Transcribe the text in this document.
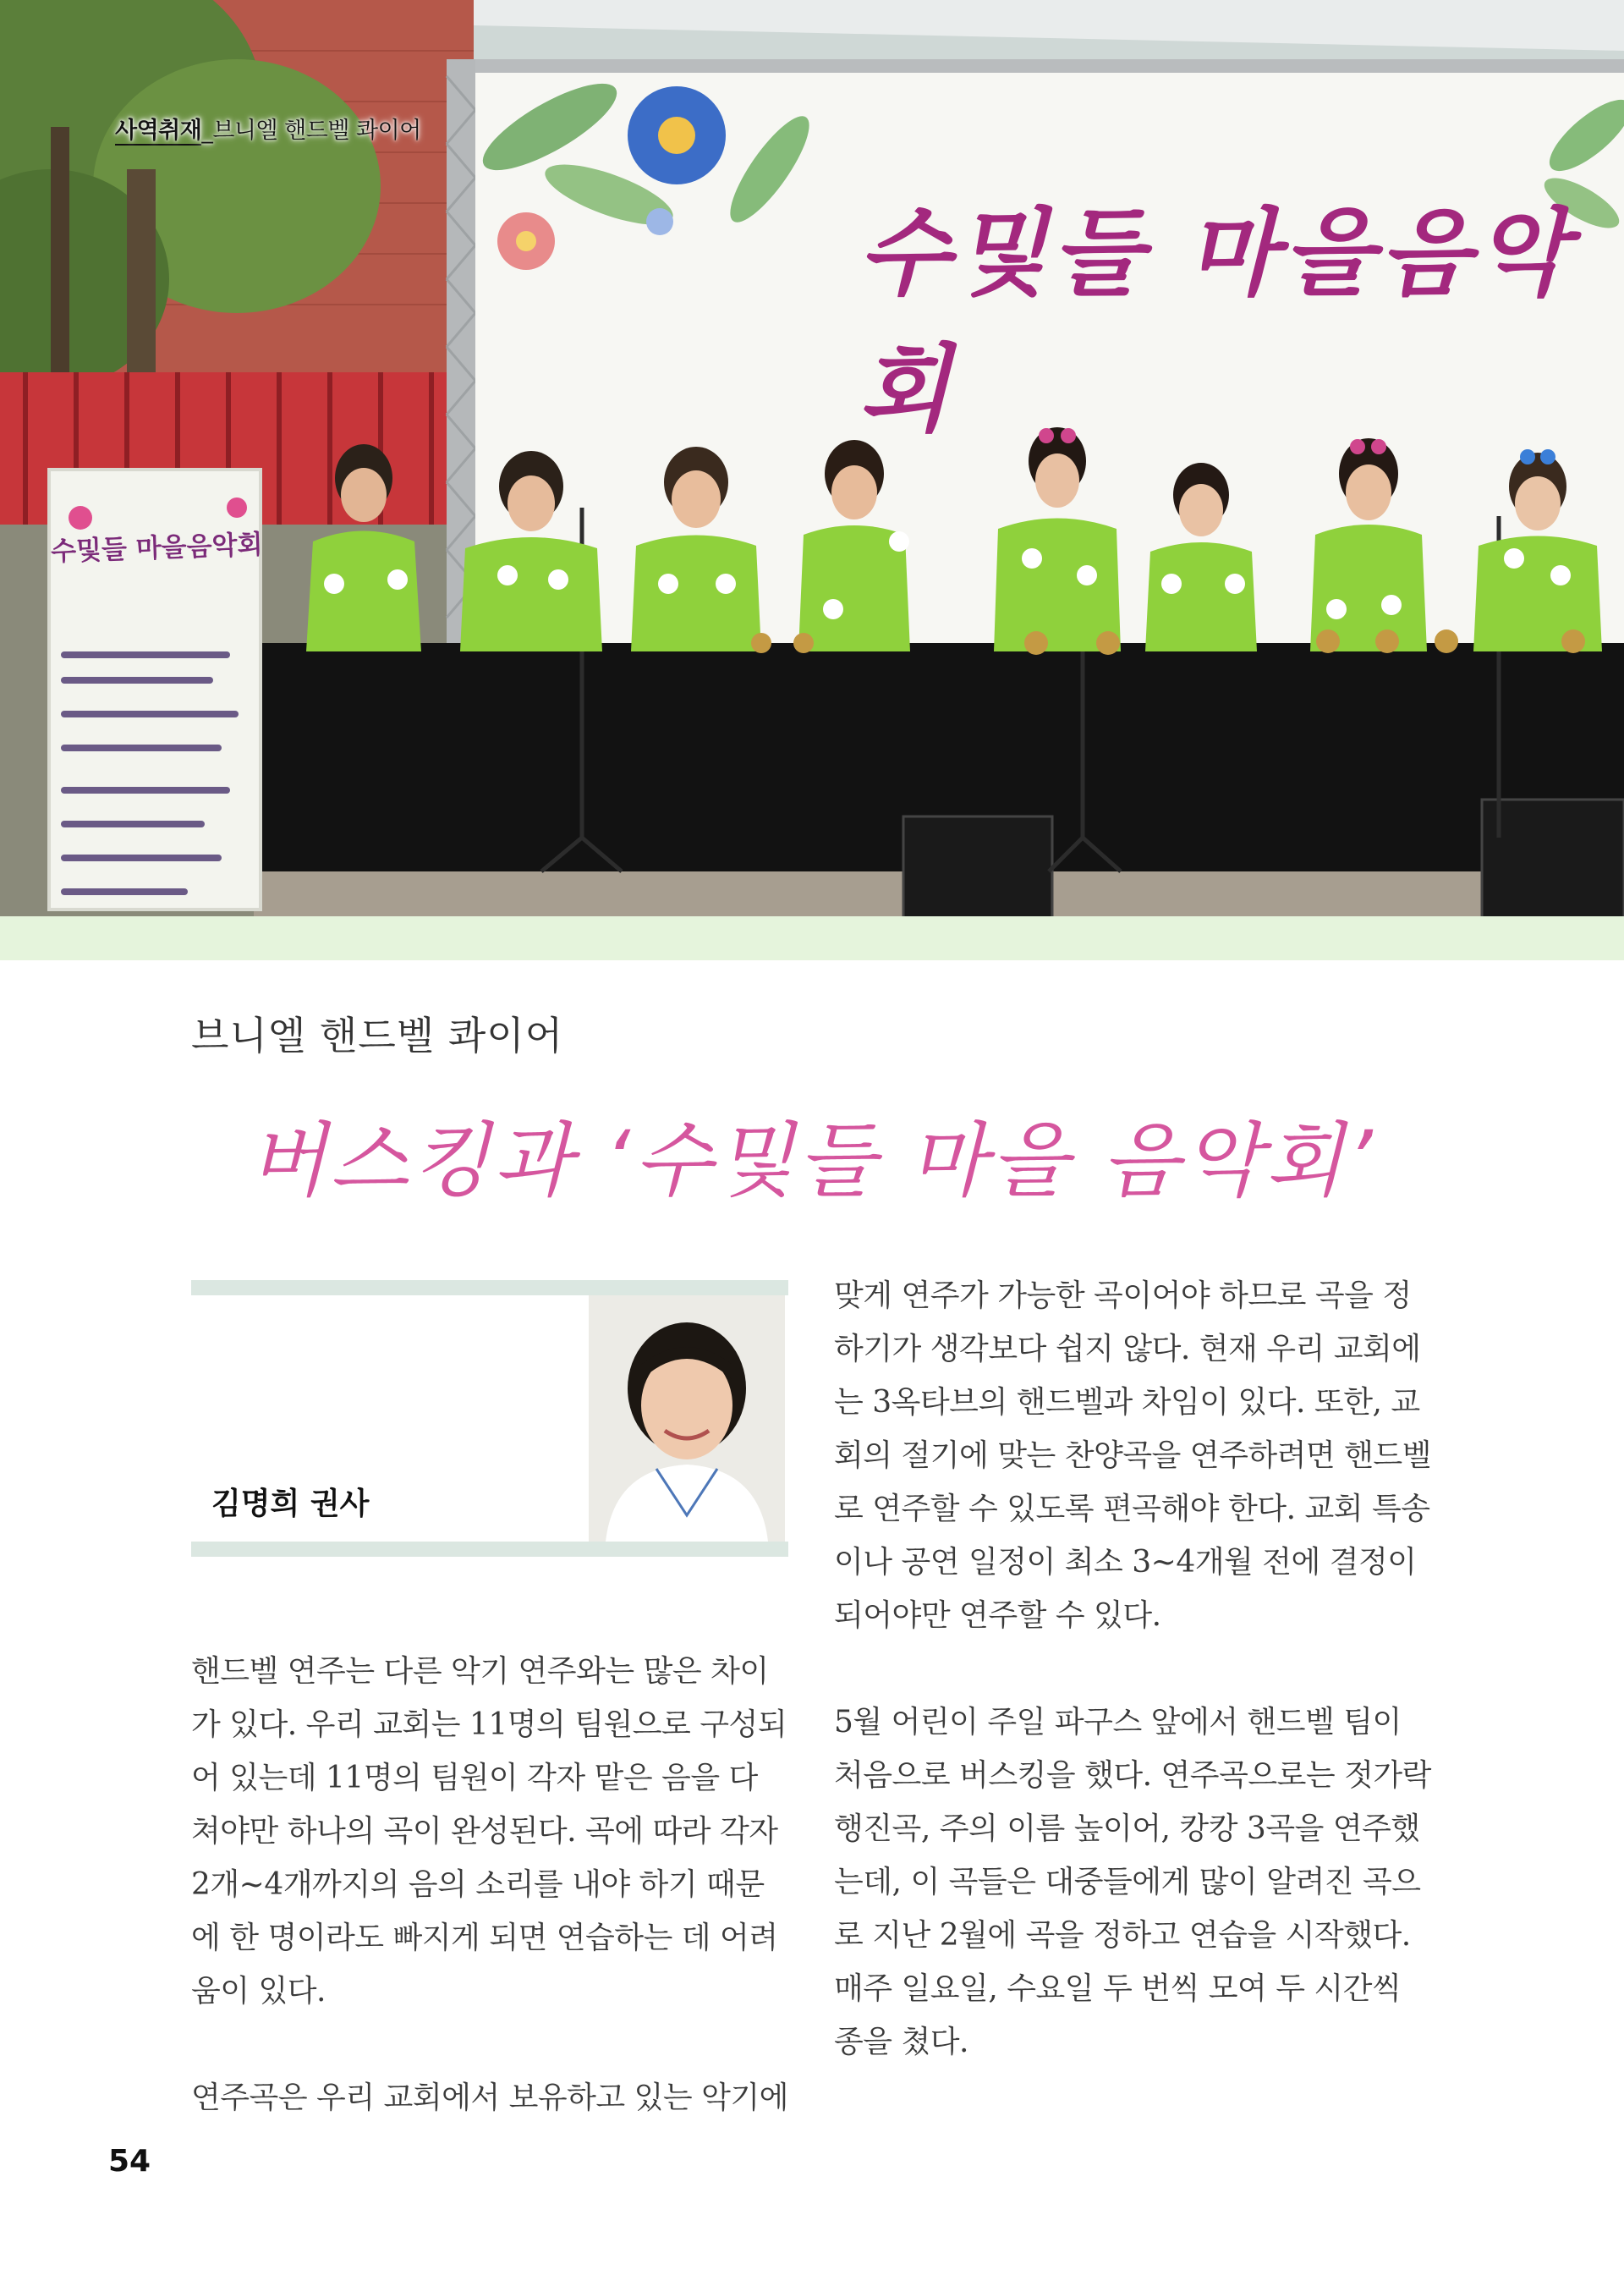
사역취재_브니엘 핸드벨 콰이어
수및들 마을음악회
수및들 마을음악회
브니엘 핸드벨 콰이어
버스킹과 ‘수및들 마을 음악회’
김명희 권사

핸드벨 연주는 다른 악기 연주와는 많은 차이가 있다. 우리 교회는 11명의 팀원으로 구성되어 있는데 11명의 팀원이 각자 맡은 음을 다 쳐야만 하나의 곡이 완성된다. 곡에 따라 각자 2개~4개까지의 음의 소리를 내야 하기 때문에 한 명이라도 빠지게 되면 연습하는 데 어려움이 있다.

연주곡은 우리 교회에서 보유하고 있는 악기에

맞게 연주가 가능한 곡이어야 하므로 곡을 정하기가 생각보다 쉽지 않다. 현재 우리 교회에는 3옥타브의 핸드벨과 차임이 있다. 또한, 교회의 절기에 맞는 찬양곡을 연주하려면 핸드벨로 연주할 수 있도록 편곡해야 한다. 교회 특송이나 공연 일정이 최소 3~4개월 전에 결정이 되어야만 연주할 수 있다.

5월 어린이 주일 파구스 앞에서 핸드벨 팀이 처음으로 버스킹을 했다. 연주곡으로는 젓가락 행진곡, 주의 이름 높이어, 캉캉 3곡을 연주했는데, 이 곡들은 대중들에게 많이 알려진 곡으로 지난 2월에 곡을 정하고 연습을 시작했다. 매주 일요일, 수요일 두 번씩 모여 두 시간씩 종을 쳤다.

54
